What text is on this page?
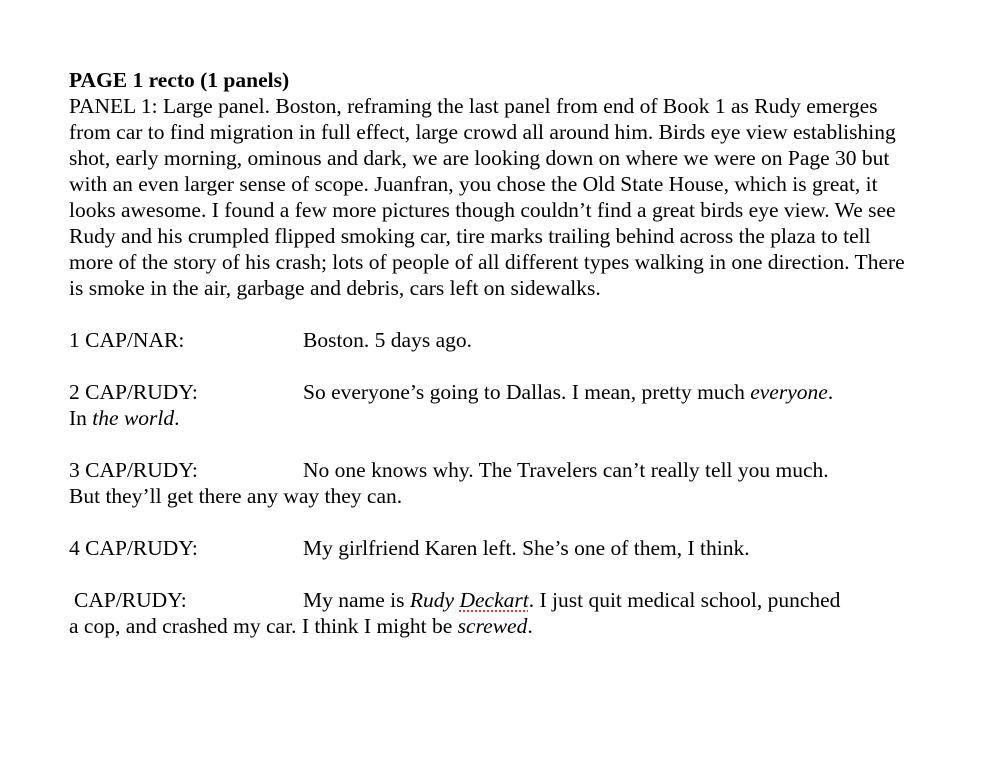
PAGE 1 recto (1 panels)

PANEL 1: Large panel. Boston, reframing the last panel from end of Book 1 as Rudy emerges from car to find migration in full effect, large crowd all around him. Birds eye view establishing shot, early morning, ominous and dark, we are looking down on where we were on Page 30 but with an even larger sense of scope. Juanfran, you chose the Old State House, which is great, it looks awesome. I found a few more pictures though couldn’t find a great birds eye view. We see Rudy and his crumpled flipped smoking car, tire marks trailing behind across the plaza to tell more of the story of his crash; lots of people of all different types walking in one direction. There is smoke in the air, garbage and debris, cars left on sidewalks.

1 CAP/NAR:	Boston. 5 days ago.
2 CAP/RUDY:	So everyone’s going to Dallas. I mean, pretty much everyone.
In the world.
3 CAP/RUDY:	No one knows why. The Travelers can’t really tell you much.
But they’ll get there any way they can.
4 CAP/RUDY:	My girlfriend Karen left. She’s one of them, I think.
CAP/RUDY:	My name is Rudy Deckart. I just quit medical school, punched
a cop, and crashed my car. I think I might be screwed.
